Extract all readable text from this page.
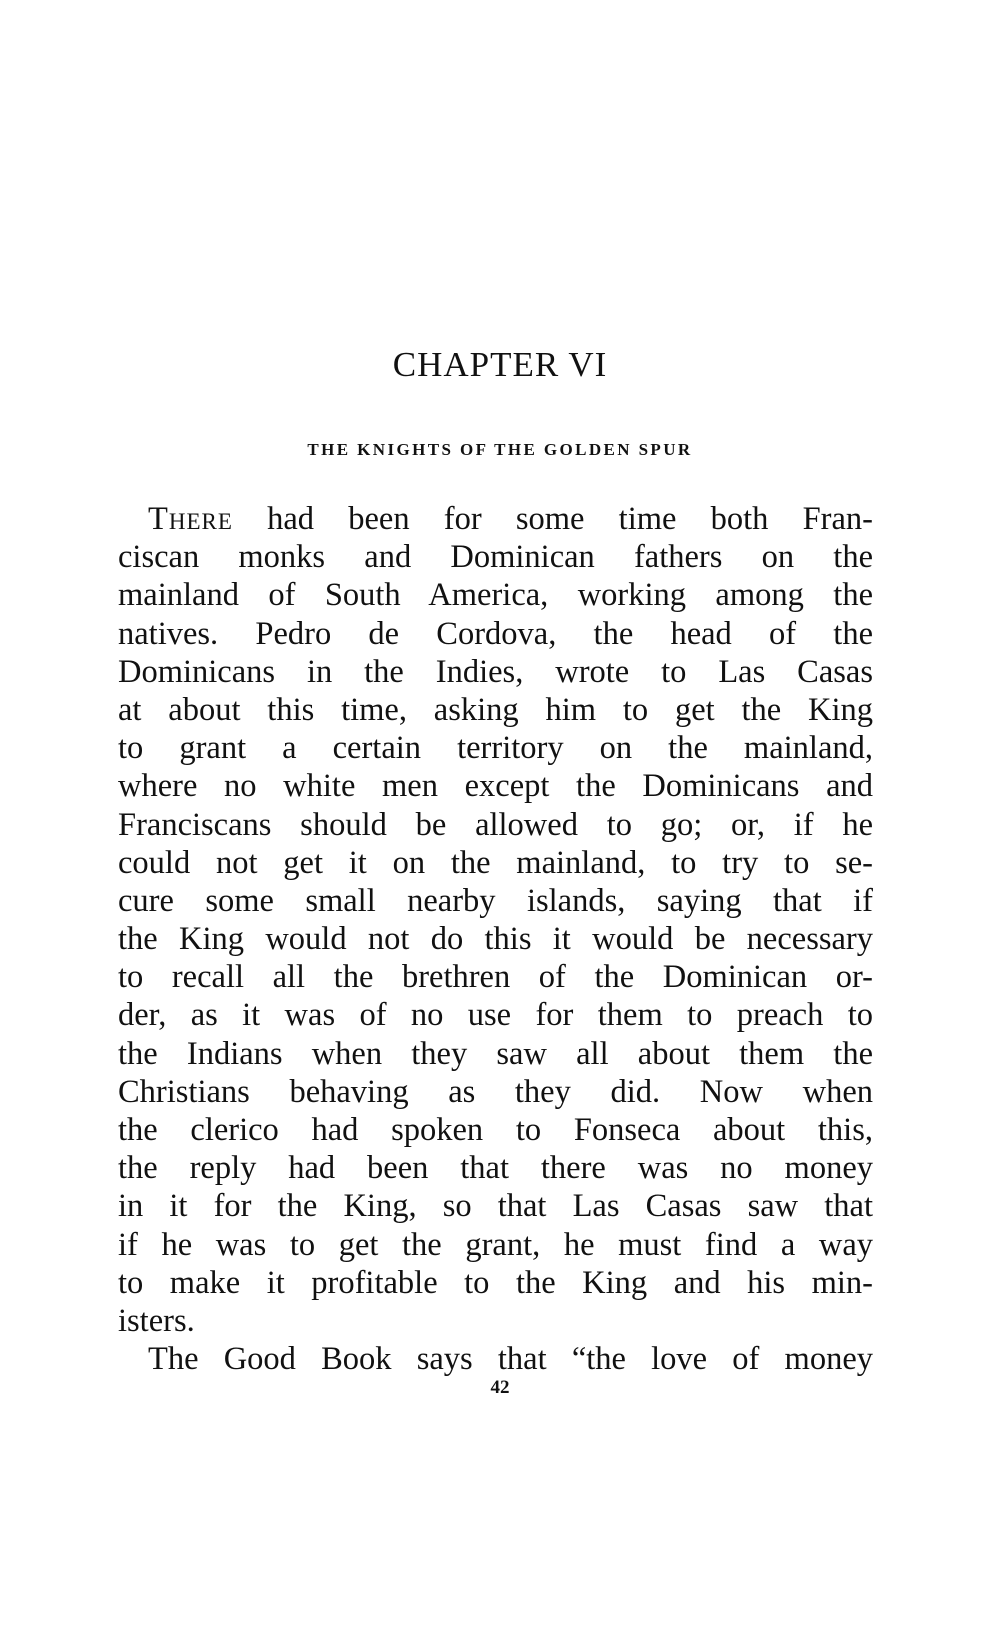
CHAPTER VI
THE KNIGHTS OF THE GOLDEN SPUR
There had been for some time both Fran-
ciscan monks and Dominican fathers on the
mainland of South America, working among the
natives. Pedro de Cordova, the head of the
Dominicans in the Indies, wrote to Las Casas
at about this time, asking him to get the King
to grant a certain territory on the mainland,
where no white men except the Dominicans and
Franciscans should be allowed to go; or, if he
could not get it on the mainland, to try to se-
cure some small nearby islands, saying that if
the King would not do this it would be necessary
to recall all the brethren of the Dominican or-
der, as it was of no use for them to preach to
the Indians when they saw all about them the
Christians behaving as they did. Now when
the clerico had spoken to Fonseca about this,
the reply had been that there was no money
in it for the King, so that Las Casas saw that
if he was to get the grant, he must find a way
to make it profitable to the King and his min-
isters.
The Good Book says that “the love of money
42
